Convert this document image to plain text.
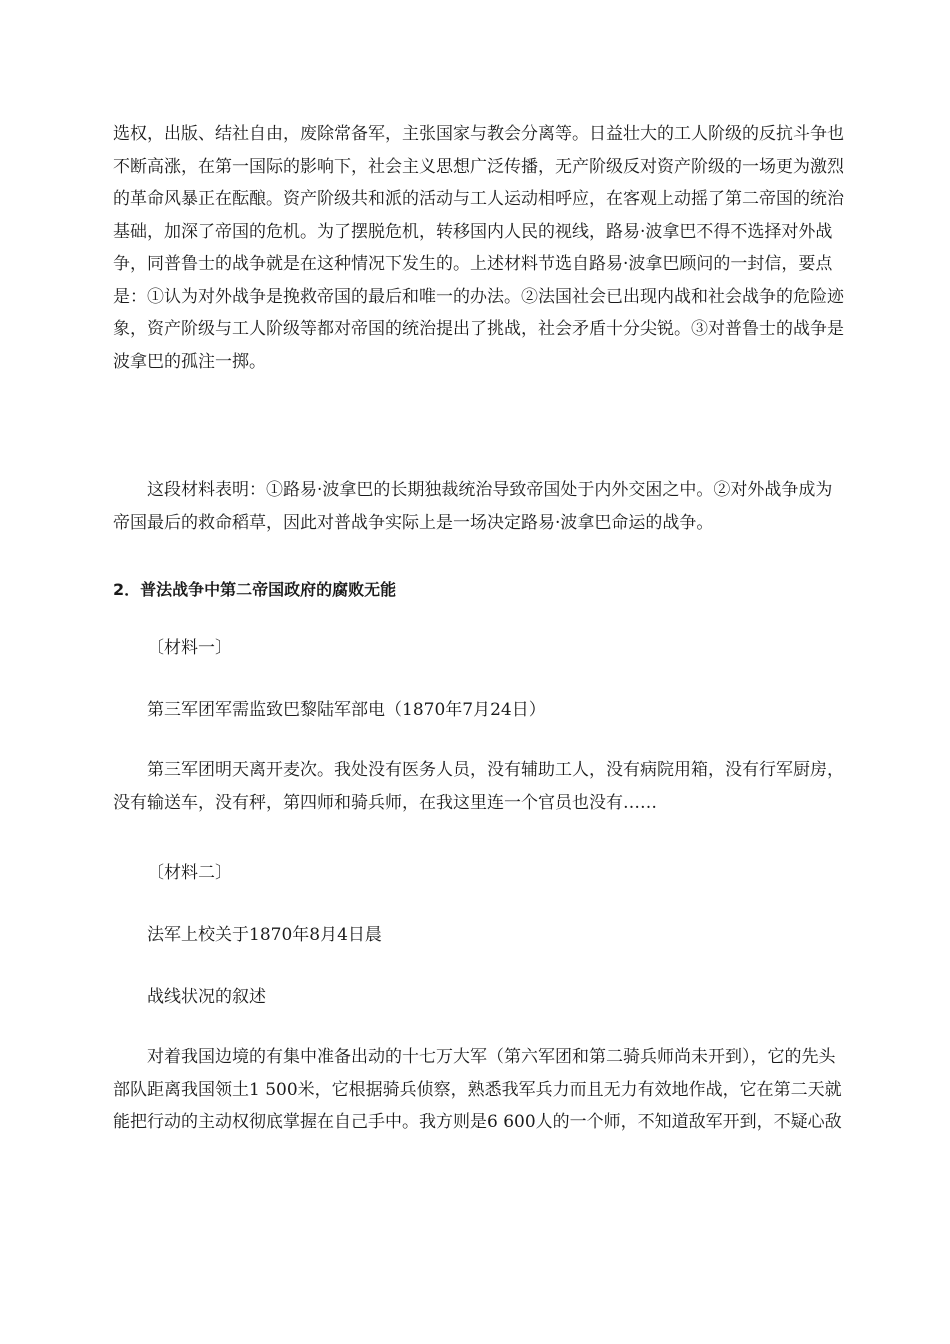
选权，出版、结社自由，废除常备军，主张国家与教会分离等。日益壮大的工人阶级的反抗斗争也
不断高涨，在第一国际的影响下，社会主义思想广泛传播，无产阶级反对资产阶级的一场更为激烈
的革命风暴正在酝酿。资产阶级共和派的活动与工人运动相呼应，在客观上动摇了第二帝国的统治
基础，加深了帝国的危机。为了摆脱危机，转移国内人民的视线，路易·波拿巴不得不选择对外战
争，同普鲁士的战争就是在这种情况下发生的。上述材料节选自路易·波拿巴顾问的一封信，要点
是：①认为对外战争是挽救帝国的最后和唯一的办法。②法国社会已出现内战和社会战争的危险迹
象，资产阶级与工人阶级等都对帝国的统治提出了挑战，社会矛盾十分尖锐。③对普鲁士的战争是
波拿巴的孤注一掷。
这段材料表明：①路易·波拿巴的长期独裁统治导致帝国处于内外交困之中。②对外战争成为
帝国最后的救命稻草，因此对普战争实际上是一场决定路易·波拿巴命运的战争。
2．普法战争中第二帝国政府的腐败无能
〔材料一〕
第三军团军需监致巴黎陆军部电（1870年7月24日）
第三军团明天离开麦次。我处没有医务人员，没有辅助工人，没有病院用箱，没有行军厨房，
没有输送车，没有秤，第四师和骑兵师，在我这里连一个官员也没有……
〔材料二〕
法军上校关于1870年8月4日晨
战线状况的叙述
对着我国边境的有集中准备出动的十七万大军（第六军团和第二骑兵师尚未开到），它的先头
部队距离我国领土1 500米，它根据骑兵侦察，熟悉我军兵力而且无力有效地作战，它在第二天就
能把行动的主动权彻底掌握在自己手中。我方则是6 600人的一个师，不知道敌军开到，不疑心敌
